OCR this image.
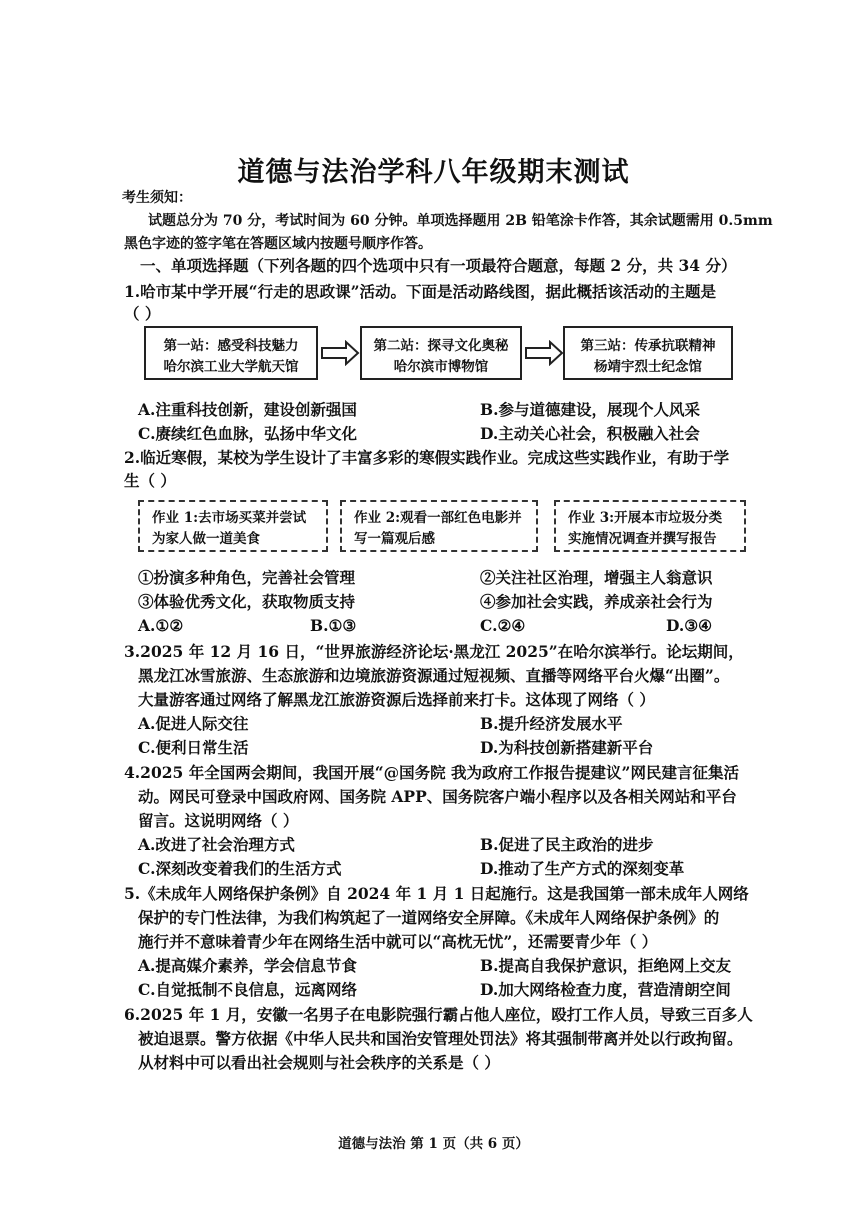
道德与法治学科八年级期末测试
考生须知：
试题总分为 70 分，考试时间为 60 分钟。单项选择题用 2B 铅笔涂卡作答，其余试题需用 0.5mm
黑色字迹的签字笔在答题区域内按题号顺序作答。
一、单项选择题（下列各题的四个选项中只有一项最符合题意，每题 2 分，共 34 分）
1.哈市某中学开展“行走的思政课”活动。下面是活动路线图，据此概括该活动的主题是
（ ）
第一站：感受科技魅力
哈尔滨工业大学航天馆
第二站：探寻文化奥秘
哈尔滨市博物馆
第三站：传承抗联精神
杨靖宇烈士纪念馆
A.注重科技创新，建设创新强国	B.参与道德建设，展现个人风采
C.赓续红色血脉，弘扬中华文化	D.主动关心社会，积极融入社会
2.临近寒假，某校为学生设计了丰富多彩的寒假实践作业。完成这些实践作业，有助于学
生（ ）
作业 1:去市场买菜并尝试
为家人做一道美食
作业 2:观看一部红色电影并
写一篇观后感
作业 3:开展本市垃圾分类
实施情况调查并撰写报告
①扮演多种角色，完善社会管理	②关注社区治理，增强主人翁意识
③体验优秀文化，获取物质支持	④参加社会实践，养成亲社会行为
A.①②	B.①③	C.②④	D.③④
3.2025 年 12 月 16 日，“世界旅游经济论坛·黑龙江 2025”在哈尔滨举行。论坛期间，
黑龙江冰雪旅游、生态旅游和边境旅游资源通过短视频、直播等网络平台火爆“出圈”。
大量游客通过网络了解黑龙江旅游资源后选择前来打卡。这体现了网络（ ）
A.促进人际交往	B.提升经济发展水平
C.便利日常生活	D.为科技创新搭建新平台
4.2025 年全国两会期间，我国开展“@国务院 我为政府工作报告提建议”网民建言征集活
动。网民可登录中国政府网、国务院 APP、国务院客户端小程序以及各相关网站和平台
留言。这说明网络（ ）
A.改进了社会治理方式	B.促进了民主政治的进步
C.深刻改变着我们的生活方式	D.推动了生产方式的深刻变革
5.《未成年人网络保护条例》自 2024 年 1 月 1 日起施行。这是我国第一部未成年人网络
保护的专门性法律，为我们构筑起了一道网络安全屏障。《未成年人网络保护条例》的
施行并不意味着青少年在网络生活中就可以“高枕无忧”，还需要青少年（ ）
A.提高媒介素养，学会信息节食	B.提高自我保护意识，拒绝网上交友
C.自觉抵制不良信息，远离网络	D.加大网络检查力度，营造清朗空间
6.2025 年 1 月，安徽一名男子在电影院强行霸占他人座位，殴打工作人员，导致三百多人
被迫退票。警方依据《中华人民共和国治安管理处罚法》将其强制带离并处以行政拘留。
从材料中可以看出社会规则与社会秩序的关系是（ ）
道德与法治 第 1 页（共 6 页）
